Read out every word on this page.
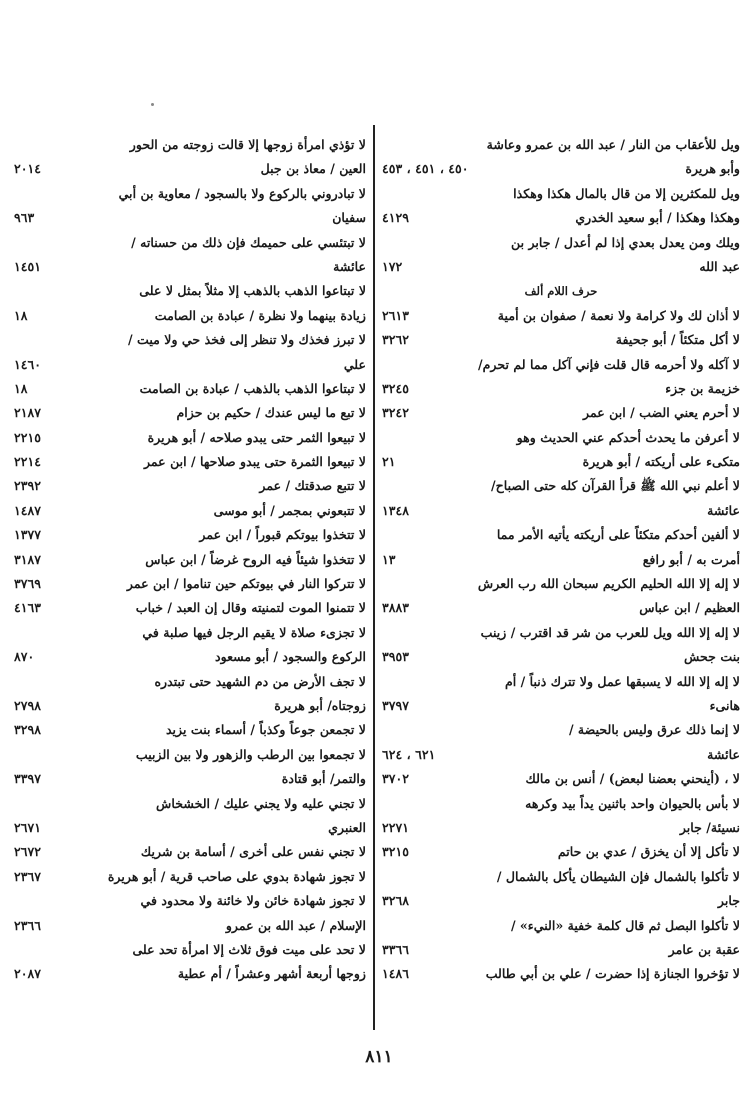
ويل للأعقاب من النار / عبد الله بن عمرو وعاشة
وأبو هريرة
٤٥٠ ، ٤٥١ ، ٤٥٣
ويل للمكثرين إلا من قال بالمال هكذا وهكذا
وهكذا وهكذا / أبو سعيد الخدري
٤١٢٩
ويلك ومن يعدل بعدي إذا لم أعدل / جابر بن
عبد الله
١٧٢
حرف اللام ألف
لا أذان لك ولا كرامة ولا نعمة / صفوان بن أمية
٢٦١٣
لا أكل متكئاً / أبو جحيفة
٣٢٦٢
لا آكله ولا أحرمه قال قلت فإني آكل مما لم تحرم/
خزيمة بن جزء
٣٢٤٥
لا أحرم يعني الضب / ابن عمر
٣٢٤٢
لا أعرفن ما يحدث أحدكم عني الحديث وهو
متكىء على أريكته / أبو هريرة
٢١
لا أعلم نبي الله ﷺ قرأ القرآن كله حتى الصباح/
عائشة
١٣٤٨
لا ألفين أحدكم متكئاً على أريكته يأتيه الأمر مما
أمرت به / أبو رافع
١٣
لا إله إلا الله الحليم الكريم سبحان الله رب العرش
العظيم / ابن عباس
٣٨٨٣
لا إله إلا الله ويل للعرب من شر قد اقترب / زينب
بنت جحش
٣٩٥٣
لا إله إلا الله لا يسبقها عمل ولا تترك ذنباً / أم
هانىء
٣٧٩٧
لا إنما ذلك عرق وليس بالحيضة /
عائشة
٦٢١ ، ٦٢٤
لا ، (أينحني بعضنا لبعض) / أنس بن مالك
٣٧٠٢
لا بأس بالحيوان واحد باثنين يداً بيد وكرهه
نسيئة/ جابر
٢٢٧١
لا تأكل إلا أن يخزق / عدي بن حاتم
٣٢١٥
لا تأكلوا بالشمال فإن الشيطان يأكل بالشمال /
جابر
٣٢٦٨
لا تأكلوا البصل ثم قال كلمة خفية «النيء» /
عقبة بن عامر
٣٣٦٦
لا تؤخروا الجنازة إذا حضرت / علي بن أبي طالب
١٤٨٦
لا تؤذي امرأة زوجها إلا قالت زوجته من الحور
العين / معاذ بن جبل
٢٠١٤
لا تبادروني بالركوع ولا بالسجود / معاوية بن أبي
سفيان
٩٦٣
لا تبتئسي على حميمك فإن ذلك من حسناته /
عائشة
١٤٥١
لا تبتاعوا الذهب بالذهب إلا مثلاً بمثل لا على
زيادة بينهما ولا نظرة / عبادة بن الصامت
١٨
لا تبرز فخذك ولا تنظر إلى فخذ حي ولا ميت /
علي
١٤٦٠
لا تبتاعوا الذهب بالذهب / عبادة بن الصامت
١٨
لا تبع ما ليس عندك / حكيم بن حزام
٢١٨٧
لا تبيعوا الثمر حتى يبدو صلاحه / أبو هريرة
٢٢١٥
لا تبيعوا الثمرة حتى يبدو صلاحها / ابن عمر
٢٢١٤
لا تتبع صدقتك / عمر
٢٣٩٢
لا تتبعوني بمجمر / أبو موسى
١٤٨٧
لا تتخذوا بيوتكم قبوراً / ابن عمر
١٣٧٧
لا تتخذوا شيئاً فيه الروح غرضاً / ابن عباس
٣١٨٧
لا تتركوا النار في بيوتكم حين تناموا / ابن عمر
٣٧٦٩
لا تتمنوا الموت لتمنيته وقال إن العبد / خباب
٤١٦٣
لا تجزىء صلاة لا يقيم الرجل فيها صلبة في
الركوع والسجود / أبو مسعود
٨٧٠
لا تجف الأرض من دم الشهيد حتى تبتدره
زوجتاه/ أبو هريرة
٢٧٩٨
لا تجمعن جوعاً وكذباً / أسماء بنت يزيد
٣٢٩٨
لا تجمعوا بين الرطب والزهور ولا بين الزبيب
والتمر/ أبو قتادة
٣٣٩٧
لا تجني عليه ولا يجني عليك / الخشخاش
العنبري
٢٦٧١
لا تجني نفس على أخرى / أسامة بن شريك
٢٦٧٢
لا تجوز شهادة بدوي على صاحب قرية / أبو هريرة
٢٣٦٧
لا تجوز شهادة خائن ولا خائنة ولا محدود في
الإسلام / عبد الله بن عمرو
٢٣٦٦
لا تحد على ميت فوق ثلاث إلا امرأة تحد على
زوجها أربعة أشهر وعشراً / أم عطية
٢٠٨٧
٨١١
